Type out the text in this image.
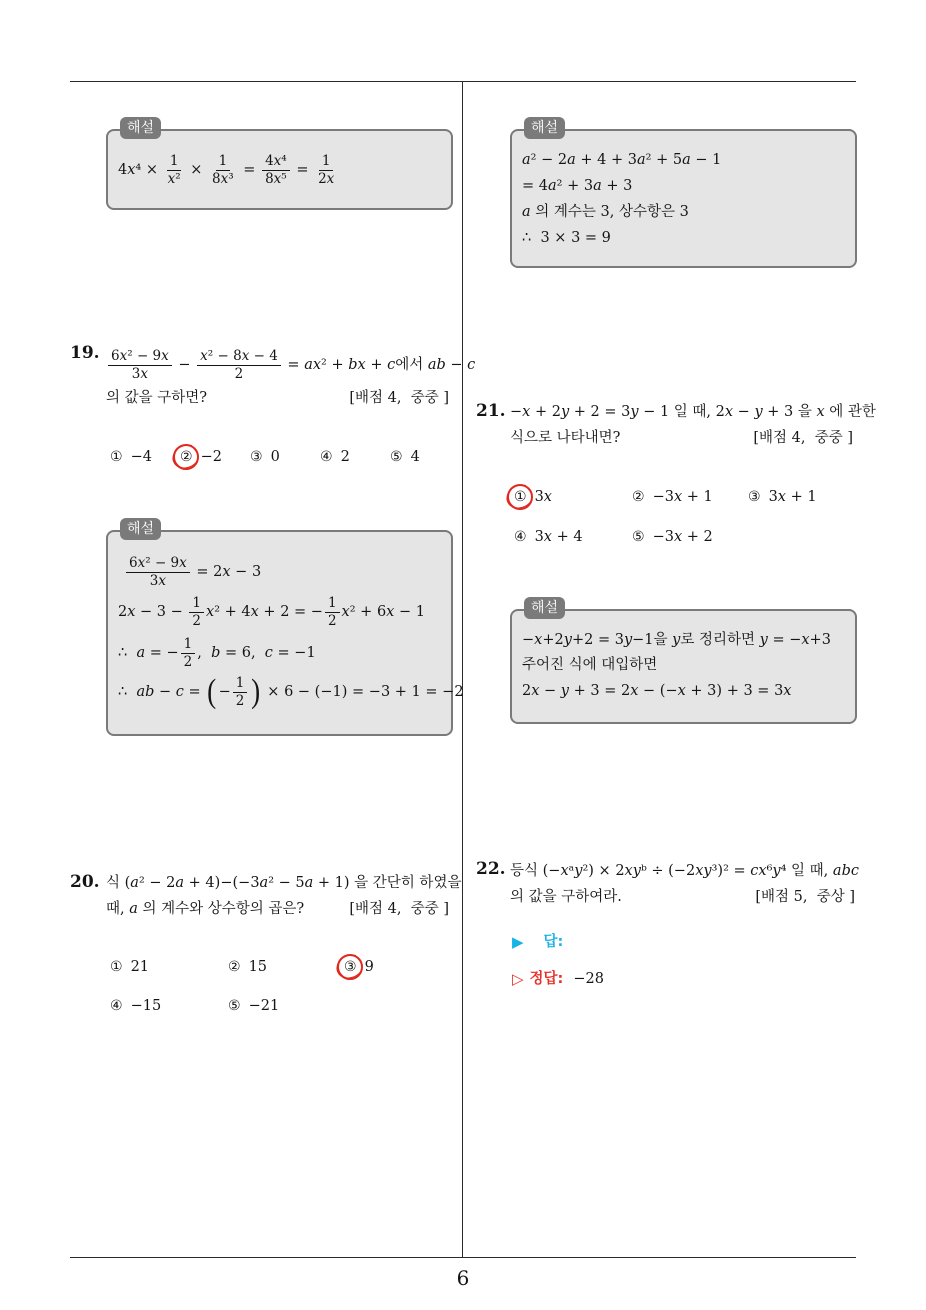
해설
$4x^4 \times \frac{1}{\text{x²}} \times \frac{1}{\text{8x³}} = \frac{\text{4x⁴}}{\text{8x⁵}} = \frac{1}{2x}$
19. $\frac{\text{6x² − 9x}}{3x} - \frac{\text{x² − 8x − 4}}{2} = ax^2$ + bx + c 에서 ab − c
의 값을 구하면?	[배점 4,  중중 ]
① −4 ② −2 ③ 0	④ 2	⑤ 4
해설
$\frac{\text{6x² − 9x}}{3x} = 2x - 3$
$2x - 3 - \frac{1}{2} x^2 + 4x + 2$ = − $\frac{1}{2} x^2 + 6x - 1$
∴ a = − $\frac{1}{2}$ , b = 6, c = −1
∴ ab − c = ( − $\frac{1}{2}$ ) × 6 − (−1) = −3 + 1 = −2
20. 식 (a² − 2a + 4)−(−3a² − 5a + 1) 을 간단히 하였을
때, a 의 계수와 상수항의 곱은?	[배점 4,  중중 ]
① 21	② 15	③ 9
④ −15	⑤ −21
해설
a² − 2a + 4 + 3a² + 5a − 1
= 4a² + 3a + 3
a 의 계수는 3, 상수항은 3
∴ 3 × 3 = 9
21. −x + 2y + 2 = 3y − 1 일 때, 2x − y + 3 을 x 에 관한
식으로 나타내면?	[배점 4,  중중 ]
① 3x	② −3x + 1	③ 3x + 1
④ 3x + 4	⑤ −3x + 2
해설
−x+2y+2 = 3y−1 을 y 로 정리하면 y = −x+3
주어진 식에 대입하면
2x − y + 3 = 2x − (−x + 3) + 3 = 3x
22. 등식 (−xᵃy²) × 2xyᵇ ÷ (−2xy³)² = cx⁶y⁴ 일 때, abc
의 값을 구하여라.	[배점 5,  중상 ]
▶ 답:
▷ 정답: −28
6
